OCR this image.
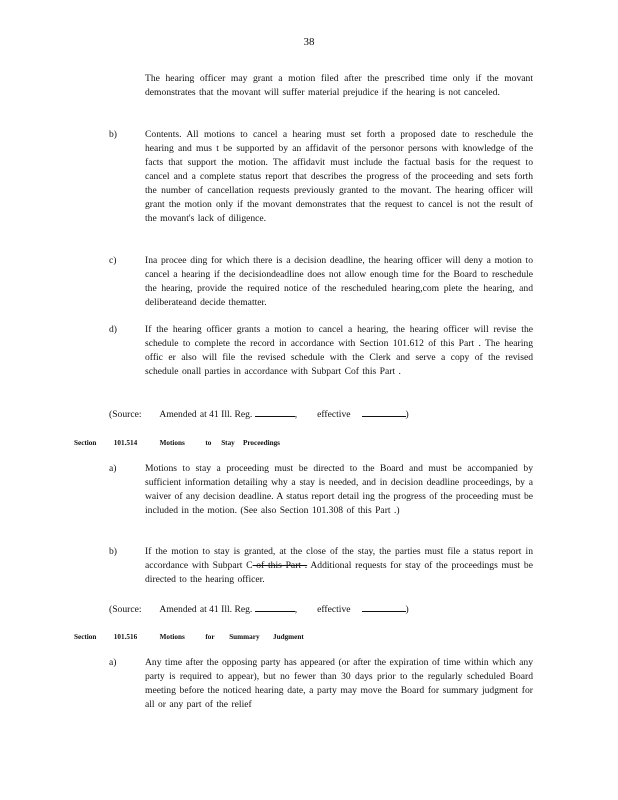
38
The hearing officer may grant a motion filed after the prescribed time only if the movant demonstrates that the movant will suffer material prejudice if the hearing is not canceled.
b)	Contents. All motions to cancel a hearing must set forth a proposed date to reschedule the hearing and mus t be supported by an affidavit of the personor persons with knowledge of the facts that support the motion. The affidavit must include the factual basis for the request to cancel and a complete status report that describes the progress of the proceeding and sets forth the number of cancellation requests previously granted to the movant. The hearing officer will grant the motion only if the movant demonstrates that the request to cancel is not the result of the movant's lack of diligence.
c)	Ina procee ding for which there is a decision deadline, the hearing officer will deny a motion to cancel a hearing if the decisiondeadline does not allow enough time for the Board to reschedule the hearing, provide the required notice of the rescheduled hearing,com plete the hearing, and deliberateand decide thematter.
d)	If the hearing officer grants a motion to cancel a hearing, the hearing officer will revise the schedule to complete the record in accordance with Section 101.612 of this Part . The hearing offic er also will file the revised schedule with the Clerk and serve a copy of the revised schedule onall parties in accordance with Subpart Cof this Part .
(Source: Amended at 41 Ill. Reg.	, effective	)
Section 101.514	Motions	to Stay Proceedings
a)	Motions to stay a proceeding must be directed to the Board and must be accompanied by sufficient information detailing why a stay is needed, and in decision deadline proceedings, by a waiver of any decision deadline. A status report detail ing the progress of the proceeding must be included in the motion. (See also Section 101.308 of this Part .)
b)	If the motion to stay is granted, at the close of the stay, the parties must file a status report in accordance with Subpart C of this Part . Additional requests for stay of the proceedings must be directed to the hearing officer.
(Source: Amended at 41 Ill. Reg.	, effective	)
Section 101.516	Motions	for Summary Judgment
a)	Any time after the opposing party has appeared (or after the expiration of time within which any party is required to appear), but no fewer than 30 days prior to the regularly scheduled Board meeting before the noticed hearing date, a party may move the Board for summary judgment for all or any part of the relief
